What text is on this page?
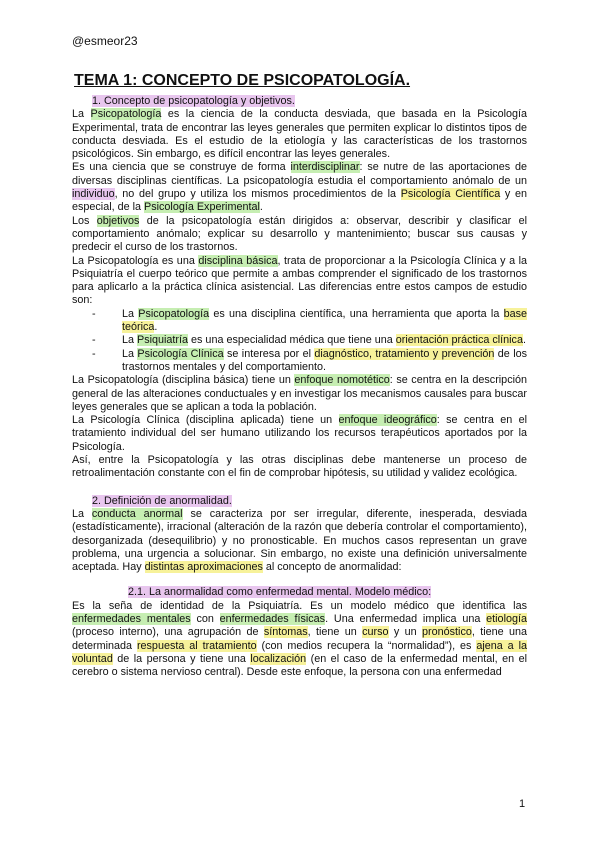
@esmeor23
TEMA 1: CONCEPTO DE PSICOPATOLOGÍA.

1. Concepto de psicopatología y objetivos.

La Psicopatología es la ciencia de la conducta desviada, que basada en la Psicología Experimental, trata de encontrar las leyes generales que permiten explicar lo distintos tipos de conducta desviada. Es el estudio de la etiología y las características de los trastornos psicológicos. Sin embargo, es difícil encontrar las leyes generales.

Es una ciencia que se construye de forma interdisciplinar: se nutre de las aportaciones de diversas disciplinas científicas. La psicopatología estudia el comportamiento anómalo de un individuo, no del grupo y utiliza los mismos procedimientos de la Psicología Científica y en especial, de la Psicología Experimental.

Los objetivos de la psicopatología están dirigidos a: observar, describir y clasificar el comportamiento anómalo; explicar su desarrollo y mantenimiento; buscar sus causas y predecir el curso de los trastornos.

La Psicopatología es una disciplina básica, trata de proporcionar a la Psicología Clínica y a la Psiquiatría el cuerpo teórico que permite a ambas comprender el significado de los trastornos para aplicarlo a la práctica clínica asistencial. Las diferencias entre estos campos de estudio son:

- La Psicopatología es una disciplina científica, una herramienta que aporta la base teórica.
- La Psiquiatría es una especialidad médica que tiene una orientación práctica clínica.
- La Psicología Clínica se interesa por el diagnóstico, tratamiento y prevención de los trastornos mentales y del comportamiento.

La Psicopatología (disciplina básica) tiene un enfoque nomotético: se centra en la descripción general de las alteraciones conductuales y en investigar los mecanismos causales para buscar leyes generales que se aplican a toda la población.

La Psicología Clínica (disciplina aplicada) tiene un enfoque ideográfico: se centra en el tratamiento individual del ser humano utilizando los recursos terapéuticos aportados por la Psicología.

Así, entre la Psicopatología y las otras disciplinas debe mantenerse un proceso de retroalimentación constante con el fin de comprobar hipótesis, su utilidad y validez ecológica.

2. Definición de anormalidad.

La conducta anormal se caracteriza por ser irregular, diferente, inesperada, desviada (estadísticamente), irracional (alteración de la razón que debería controlar el comportamiento), desorganizada (desequilibrio) y no pronosticable. En muchos casos representan un grave problema, una urgencia a solucionar. Sin embargo, no existe una definición universalmente aceptada. Hay distintas aproximaciones al concepto de anormalidad:

2.1. La anormalidad como enfermedad mental. Modelo médico:

Es la seña de identidad de la Psiquiatría. Es un modelo médico que identifica las enfermedades mentales con enfermedades físicas. Una enfermedad implica una etiología (proceso interno), una agrupación de síntomas, tiene un curso y un pronóstico, tiene una determinada respuesta al tratamiento (con medios recupera la “normalidad”), es ajena a la voluntad de la persona y tiene una localización (en el caso de la enfermedad mental, en el cerebro o sistema nervioso central). Desde este enfoque, la persona con una enfermedad

1
